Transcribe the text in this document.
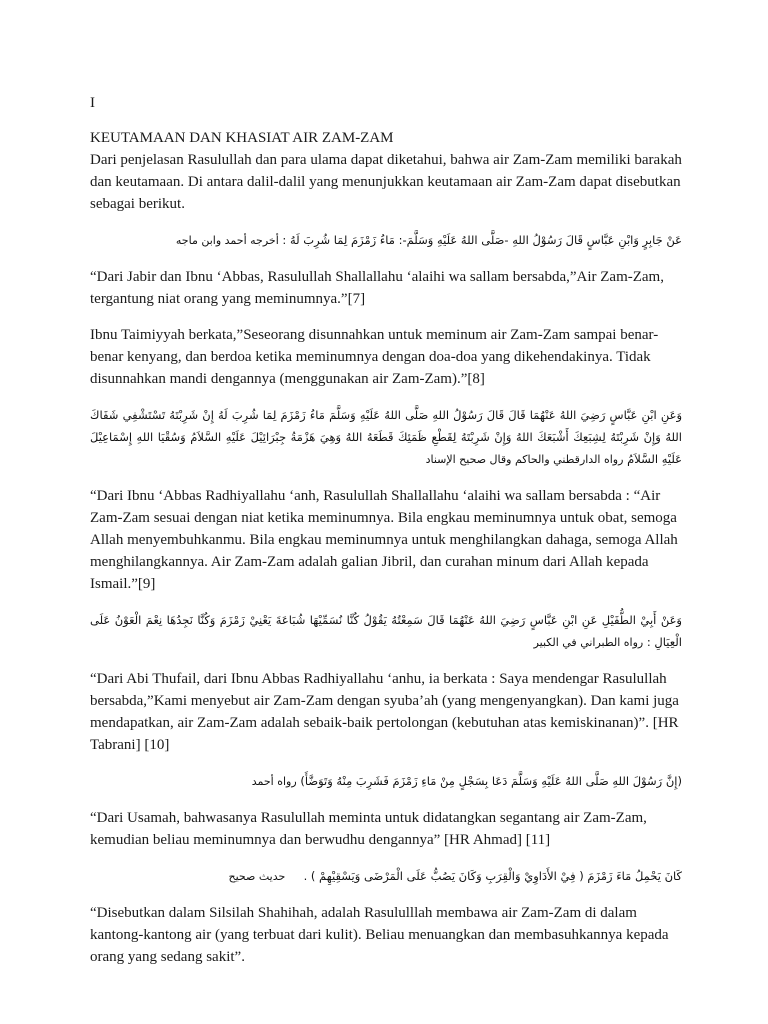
I

KEUTAMAAN DAN KHASIAT AIR ZAM-ZAM

Dari penjelasan Rasulullah dan para ulama dapat diketahui, bahwa air Zam-Zam memiliki barakah dan keutamaan. Di antara dalil-dalil yang menunjukkan keutamaan air Zam-Zam dapat disebutkan sebagai berikut.

عَنْ جَابِرٍ وَابْنِ عَبَّاسٍ قَالَ رَسُوْلُ اللهِ -صَلَّى اللهُ عَلَيْهِ وَسَلَّمَ-: مَاءُ زَمْزَمَ لِمَا شُرِبَ لَهُ : أخرجه أحمد وابن ماجه

“Dari Jabir dan Ibnu ‘Abbas, Rasulullah Shallallahu ‘alaihi wa sallam bersabda,”Air Zam-Zam, tergantung niat orang yang meminumnya.”[7]

Ibnu Taimiyyah berkata,”Seseorang disunnahkan untuk meminum air Zam-Zam sampai benar-benar kenyang, dan berdoa ketika meminumnya dengan doa-doa yang dikehendakinya. Tidak disunnahkan mandi dengannya (menggunakan air Zam-Zam).”[8]

وَعَنِ ابْنِ عَبَّاسٍ رَضِيَ اللهُ عَنْهُمَا قَالَ قَالَ رَسُوْلُ اللهِ صَلَّى اللهُ عَلَيْهِ وَسَلَّمَ مَاءُ زَمْزَمَ لِمَا شُرِبَ لَهُ إِنْ شَرِبْتَهُ تَسْتَشْفِي شَفَاكَ اللهُ وَإِنْ شَرِبْتَهُ لِشِبَعِكَ أَشْبَعَكَ اللهُ وَإِنْ شَرِبْتَهُ لِقَطْعِ ظَمَئِكَ قَطَعَهُ اللهُ وَهِيَ هَزْمَةُ جِبْرَائِيْلَ عَلَيْهِ السَّلاَمُ وَسُقْيَا اللهِ إِسْمَاعِيْلَ عَلَيْهِ السَّلاَمُ رواه الدارقطني والحاكم وقال صحيح الإسناد

“Dari Ibnu ‘Abbas Radhiyallahu ‘anh, Rasulullah Shallallahu ‘alaihi wa sallam bersabda : “Air Zam-Zam sesuai dengan niat ketika meminumnya. Bila engkau meminumnya untuk obat, semoga Allah menyembuhkanmu. Bila engkau meminumnya untuk menghilangkan dahaga, semoga Allah menghilangkannya. Air Zam-Zam adalah galian Jibril, dan curahan minum dari Allah kepada Ismail.”[9]

وَعَنْ أَبِيْ الطُّفَيْلِ عَنِ ابْنِ عَبَّاسٍ رَضِيَ اللهُ عَنْهُمَا قَالَ سَمِعْتُهُ يَقُوْلُ كُنَّا نُسَمِّيْهَا شُبَاعَةَ يَعْنِيْ زَمْزَمَ وَكُنَّا نَجِدُهَا نِعْمَ الْعَوْنُ عَلَى الْعِيَالِ : رواه الطبراني في الكبير

“Dari Abi Thufail, dari Ibnu Abbas Radhiyallahu ‘anhu, ia berkata : Saya mendengar Rasulullah bersabda,”Kami menyebut air Zam-Zam dengan syuba’ah (yang mengenyangkan). Dan kami juga mendapatkan, air Zam-Zam adalah sebaik-baik pertolongan (kebutuhan atas kemiskinanan)”. [HR Tabrani] [10]

(إِنَّ رَسُوْلَ اللهِ صَلَّى اللهُ عَلَيْهِ وَسَلَّمَ دَعَا بِسَجْلٍ مِنْ مَاءِ زَمْزَمَ فَشَرِبَ مِنْهُ وَتَوَضَّأَ) رواه أحمد

“Dari Usamah, bahwasanya Rasulullah meminta untuk didatangkan segantang air Zam-Zam, kemudian beliau meminumnya dan berwudhu dengannya” [HR Ahmad] [11]

كَانَ يَحْمِلُ مَاءَ زَمْزَمَ ( فِيْ الأَدَاوِيْ وَالْقِرَبِ وَكَانَ يَصُبُّ عَلَى الْمَرْضَى وَيَسْقِيْهِمْ ) .     حديث صحيح

“Disebutkan dalam Silsilah Shahihah, adalah Rasululllah membawa air Zam-Zam di dalam kantong-kantong air (yang terbuat dari kulit). Beliau menuangkan dan membasuhkannya kepada orang yang sedang sakit”.
